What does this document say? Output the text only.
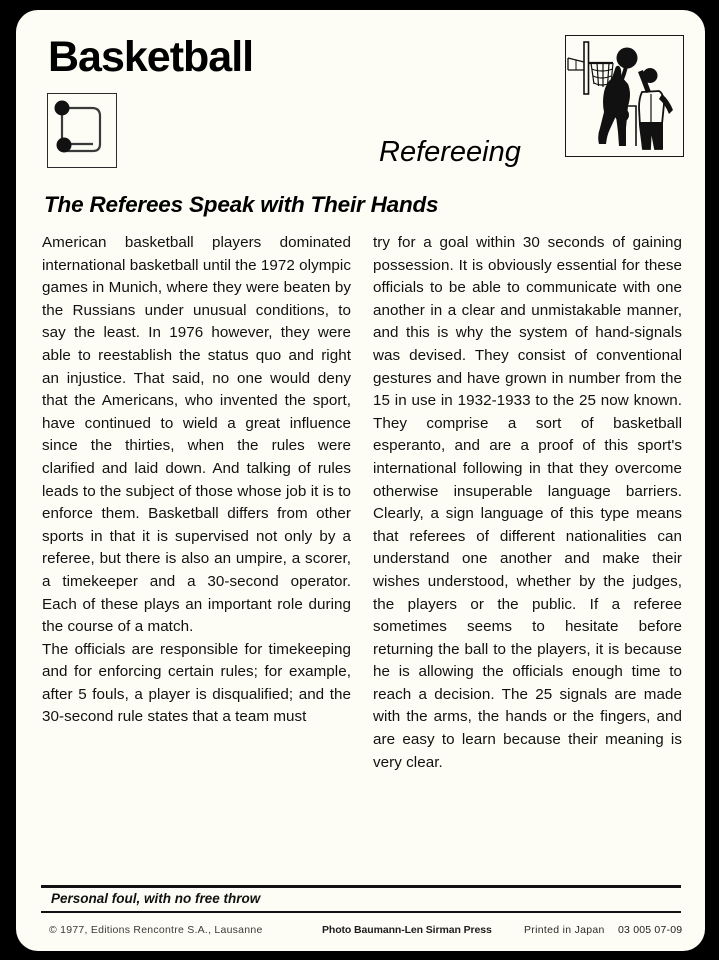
Basketball
Refereeing
The Referees Speak with Their Hands

American basketball players dominated international basketball until the 1972 olympic games in Munich, where they were beaten by the Russians under unusual conditions, to say the least. In 1976 however, they were able to reestablish the status quo and right an injustice. That said, no one would deny that the Americans, who invented the sport, have continued to wield a great influence since the thirties, when the rules were clarified and laid down. And talking of rules leads to the subject of those whose job it is to enforce them. Basketball differs from other sports in that it is supervised not only by a referee, but there is also an umpire, a scorer, a timekeeper and a 30-second operator. Each of these plays an important role during the course of a match.

The officials are responsible for timekeeping and for enforcing certain rules; for example, after 5 fouls, a player is disqualified; and the 30-second rule states that a team must

try for a goal within 30 seconds of gaining possession. It is obviously essential for these officials to be able to communicate with one another in a clear and unmistakable manner, and this is why the system of hand-signals was devised. They consist of conventional gestures and have grown in number from the 15 in use in 1932-1933 to the 25 now known. They comprise a sort of basketball esperanto, and are a proof of this sport's international following in that they overcome otherwise insuperable language barriers. Clearly, a sign language of this type means that referees of different nationalities can understand one another and make their wishes understood, whether by the judges, the players or the public. If a referee sometimes seems to hesitate before returning the ball to the players, it is because he is allowing the officials enough time to reach a decision. The 25 signals are made with the arms, the hands or the fingers, and are easy to learn because their meaning is very clear.

Personal foul, with no free throw
© 1977, Editions Rencontre S.A., Lausanne	Photo Baumann-Len Sirman Press	Printed in Japan 03 005 07-09
